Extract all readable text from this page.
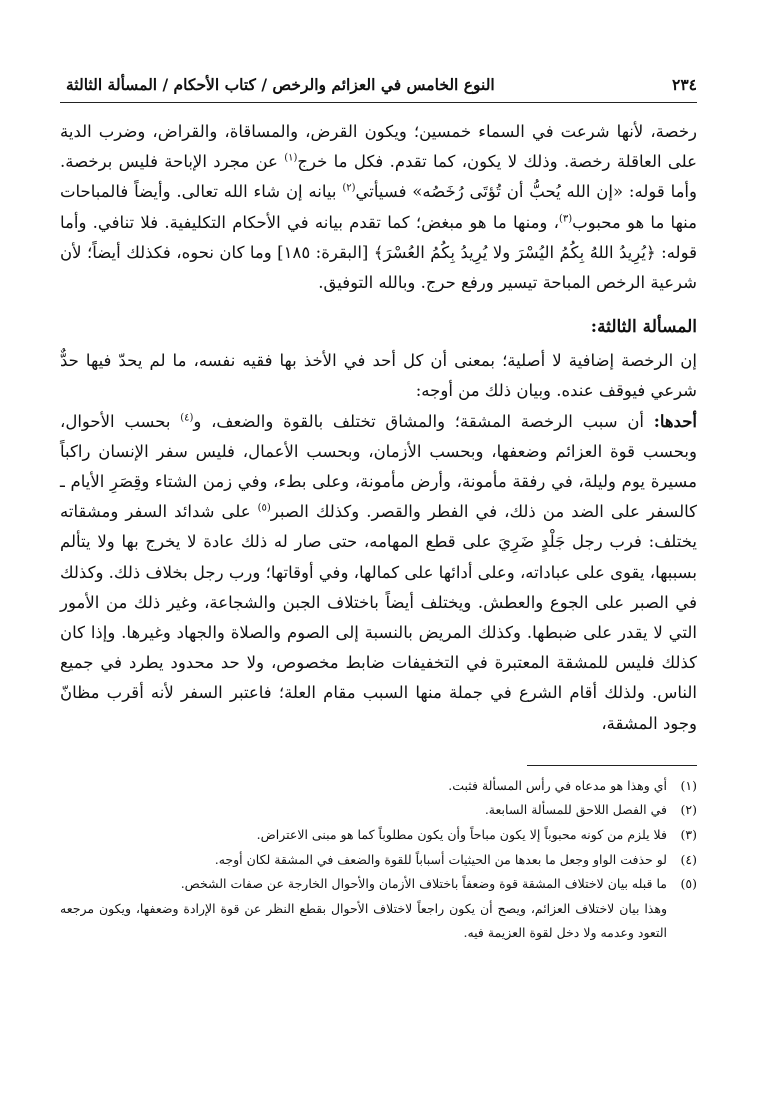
٢٣٤
النوع الخامس في العزائم والرخص / كتاب الأحكام / المسألة الثالثة

رخصة، لأنها شرعت في السماء خمسين؛ ويكون القرض، والمساقاة، والقراض، وضرب الدية على العاقلة رخصة. وذلك لا يكون، كما تقدم. فكل ما خرج$^{(١)}$ عن مجرد الإباحة فليس برخصة. وأما قوله: «إن الله يُحبُّ أن تُؤتَى رُخَصُه» فسيأتي$^{(٢)}$ بيانه إن شاء الله تعالى. وأيضاً فالمباحات منها ما هو محبوب$^{(٣)}$، ومنها ما هو مبغض؛ كما تقدم بيانه في الأحكام التكليفية. فلا تنافي. وأما قوله: ﴿يُرِيدُ اللهُ بِكُمُ اليُسْرَ ولا يُرِيدُ بِكُمُ العُسْرَ﴾ [البقرة: ١٨٥] وما كان نحوه، فكذلك أيضاً؛ لأن شرعية الرخص المباحة تيسير ورفع حرج. وبالله التوفيق.

المسألة الثالثة:

إن الرخصة إضافية لا أصلية؛ بمعنى أن كل أحد في الأخذ بها فقيه نفسه، ما لم يحدّ فيها حدٌّ شرعي فيوقف عنده. وبيان ذلك من أوجه:

أحدها: أن سبب الرخصة المشقة؛ والمشاق تختلف بالقوة والضعف، و$^{(٤)}$ بحسب الأحوال، وبحسب قوة العزائم وضعفها، وبحسب الأزمان، وبحسب الأعمال، فليس سفر الإنسان راكباً مسيرة يوم وليلة، في رفقة مأمونة، وأرض مأمونة، وعلى بطء، وفي زمن الشتاء وقِصَرِ الأيام ـ كالسفر على الضد من ذلك، في الفطر والقصر. وكذلك الصبر$^{(٥)}$ على شدائد السفر ومشقاته يختلف: فرب رجل جَلْدٍ ضَرِيَ على قطع المهامه، حتى صار له ذلك عادة لا يخرج بها ولا يتألم بسببها، يقوى على عباداته، وعلى أدائها على كمالها، وفي أوقاتها؛ ورب رجل بخلاف ذلك. وكذلك في الصبر على الجوع والعطش. ويختلف أيضاً باختلاف الجبن والشجاعة، وغير ذلك من الأمور التي لا يقدر على ضبطها. وكذلك المريض بالنسبة إلى الصوم والصلاة والجهاد وغيرها. وإذا كان كذلك فليس للمشقة المعتبرة في التخفيفات ضابط مخصوص، ولا حد محدود يطرد في جميع الناس. ولذلك أقام الشرع في جملة منها السبب مقام العلة؛ فاعتبر السفر لأنه أقرب مظانّ وجود المشقة،

(١)
أي وهذا هو مدعاه في رأس المسألة فثبت.
(٢)
في الفصل اللاحق للمسألة السابعة.
(٣)
فلا يلزم من كونه محبوباً إلا يكون مباحاً وأن يكون مطلوباً كما هو مبنى الاعتراض.
(٤)
لو حذفت الواو وجعل ما بعدها من الحيثيات أسباباً للقوة والضعف في المشقة لكان أوجه.
(٥)
ما قبله بيان لاختلاف المشقة قوة وضعفاً باختلاف الأزمان والأحوال الخارجة عن صفات الشخص.
وهذا بيان لاختلاف العزائم، ويصح أن يكون راجعاً لاختلاف الأحوال بقطع النظر عن قوة الإرادة وضعفها، ويكون مرجعه التعود وعدمه ولا دخل لقوة العزيمة فيه.
